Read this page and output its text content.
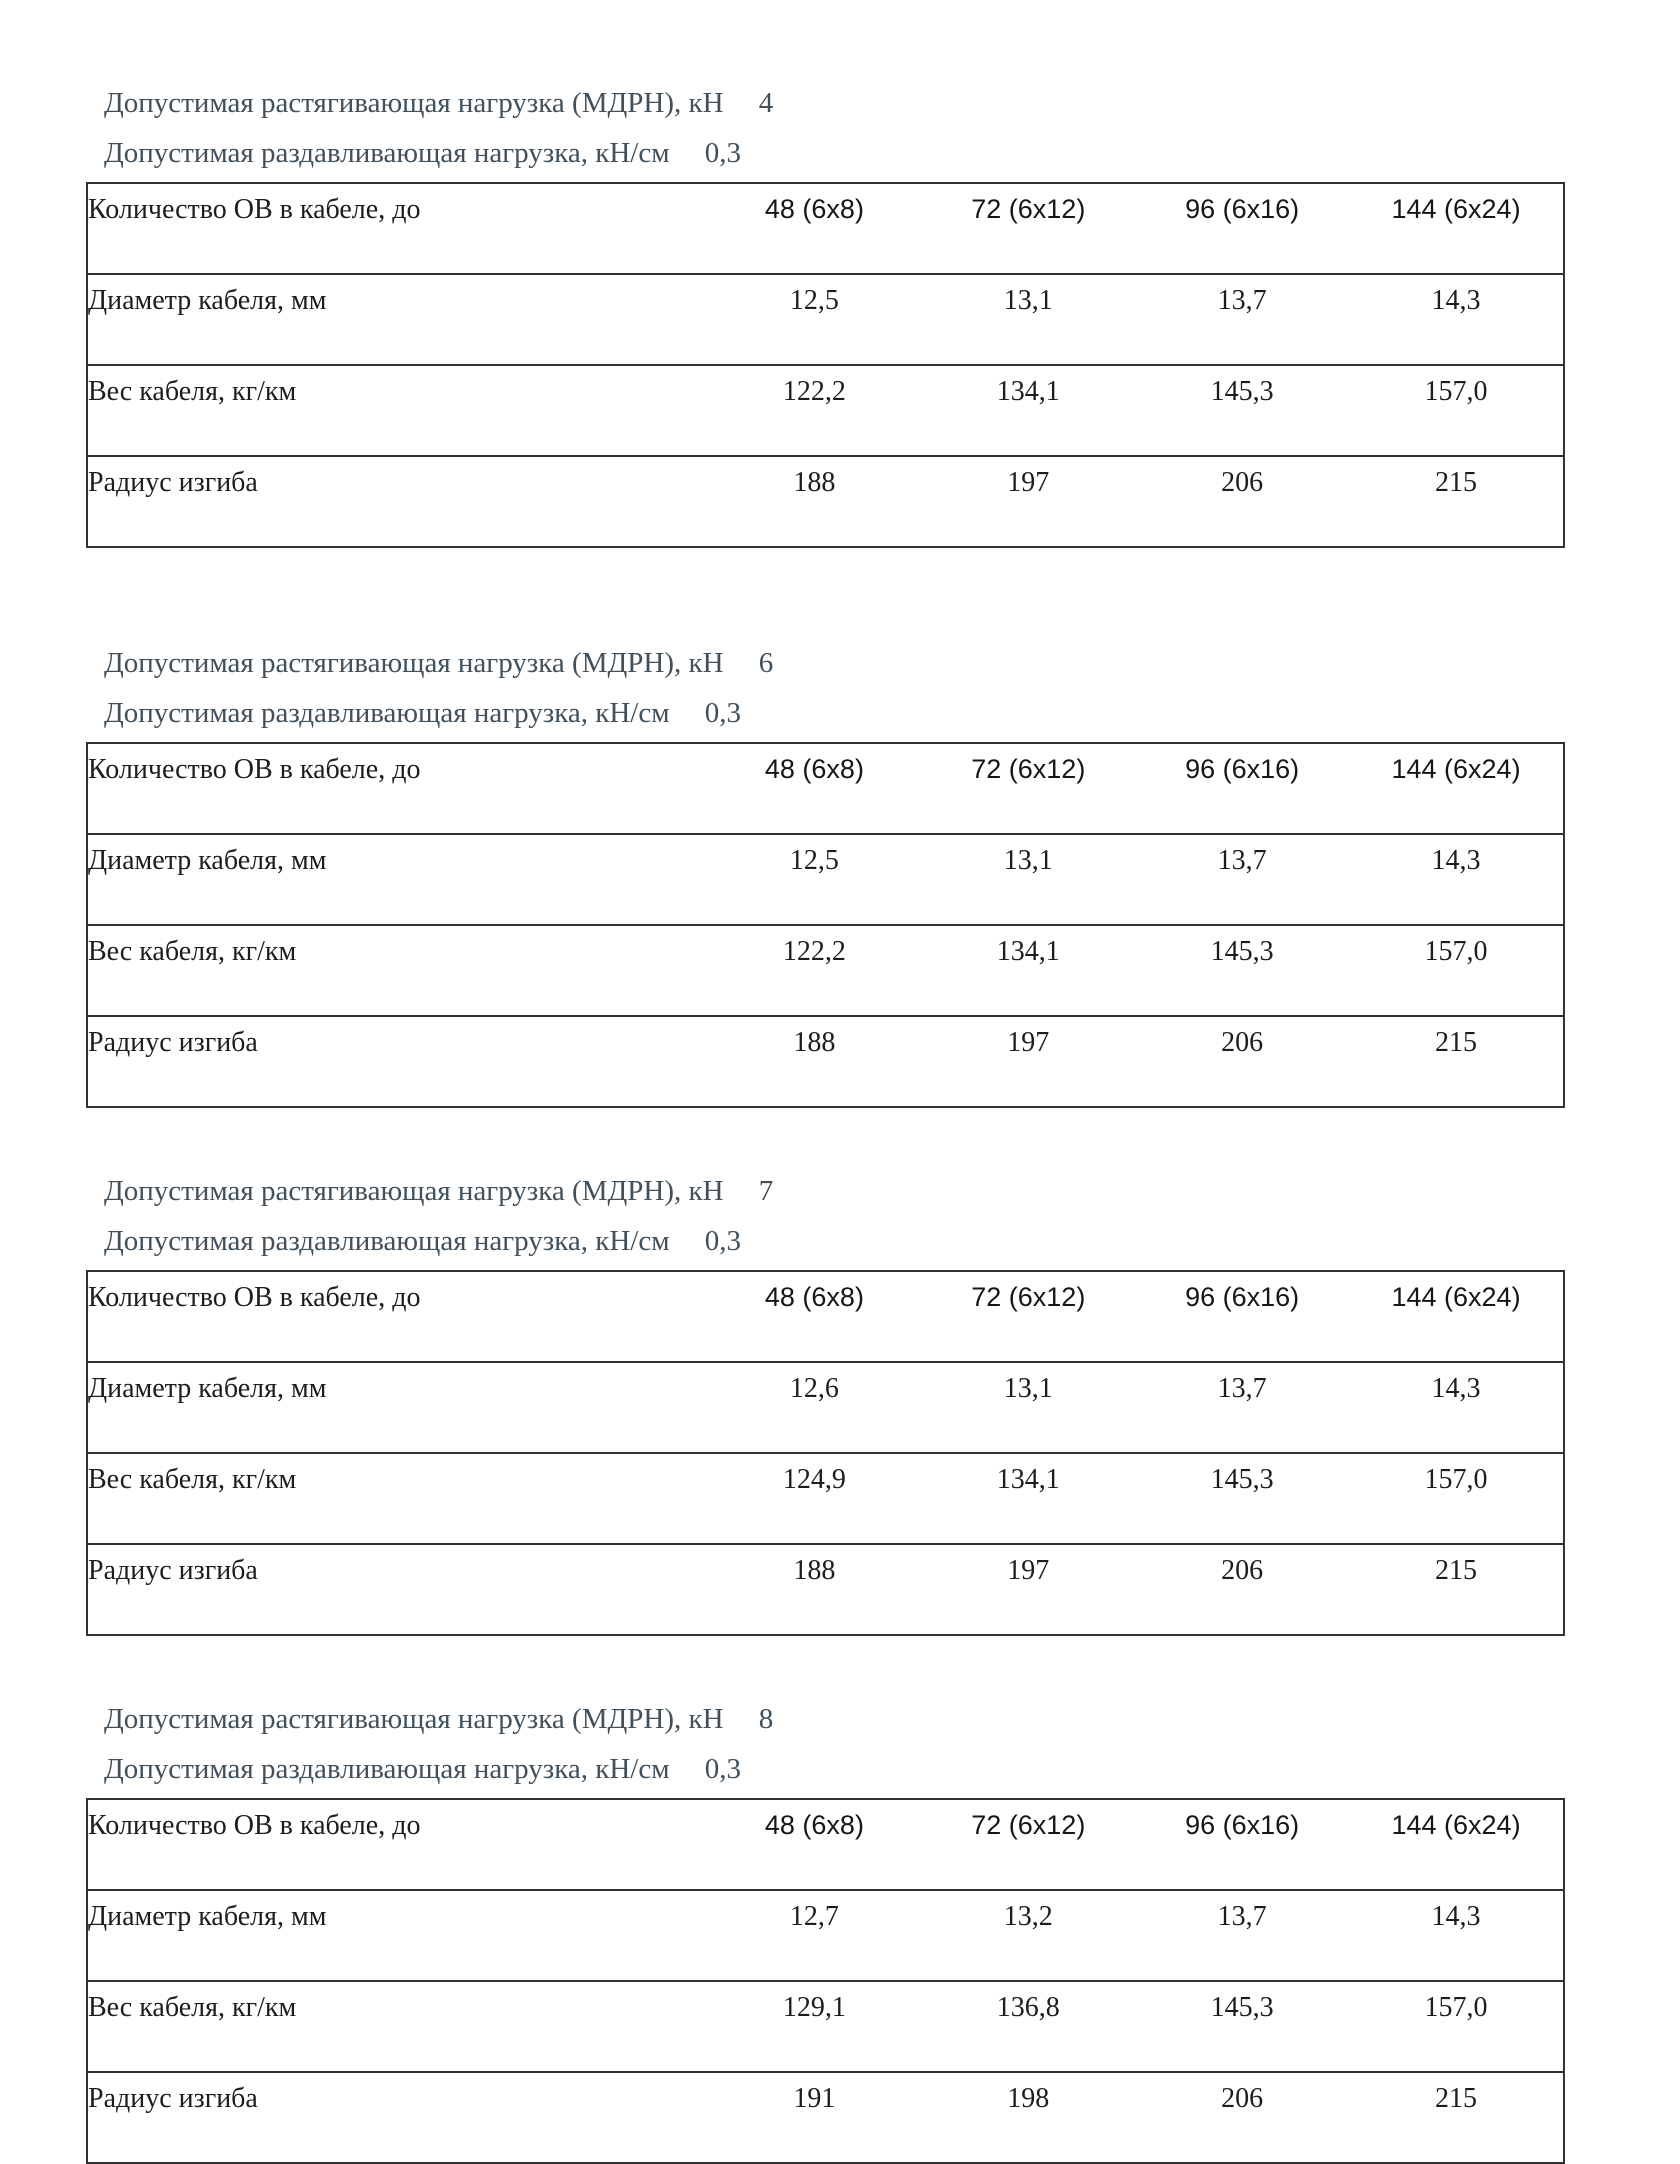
Допустимая растягивающая нагрузка (МДРН), кН 4
Допустимая раздавливающая нагрузка, кН/см 0,3
Количество ОВ в кабеле, до	48 (6x8)	72 (6x12)	96 (6x16)	144 (6x24)
Диаметр кабеля, мм	12,5	13,1	13,7	14,3
Вес кабеля, кг/км	122,2	134,1	145,3	157,0
Радиус изгиба	188	197	206	215
Допустимая растягивающая нагрузка (МДРН), кН 6
Допустимая раздавливающая нагрузка, кН/см 0,3
Количество ОВ в кабеле, до	48 (6x8)	72 (6x12)	96 (6x16)	144 (6x24)
Диаметр кабеля, мм	12,5	13,1	13,7	14,3
Вес кабеля, кг/км	122,2	134,1	145,3	157,0
Радиус изгиба	188	197	206	215
Допустимая растягивающая нагрузка (МДРН), кН 7
Допустимая раздавливающая нагрузка, кН/см 0,3
Количество ОВ в кабеле, до	48 (6x8)	72 (6x12)	96 (6x16)	144 (6x24)
Диаметр кабеля, мм	12,6	13,1	13,7	14,3
Вес кабеля, кг/км	124,9	134,1	145,3	157,0
Радиус изгиба	188	197	206	215
Допустимая растягивающая нагрузка (МДРН), кН 8
Допустимая раздавливающая нагрузка, кН/см 0,3
Количество ОВ в кабеле, до	48 (6x8)	72 (6x12)	96 (6x16)	144 (6x24)
Диаметр кабеля, мм	12,7	13,2	13,7	14,3
Вес кабеля, кг/км	129,1	136,8	145,3	157,0
Радиус изгиба	191	198	206	215
